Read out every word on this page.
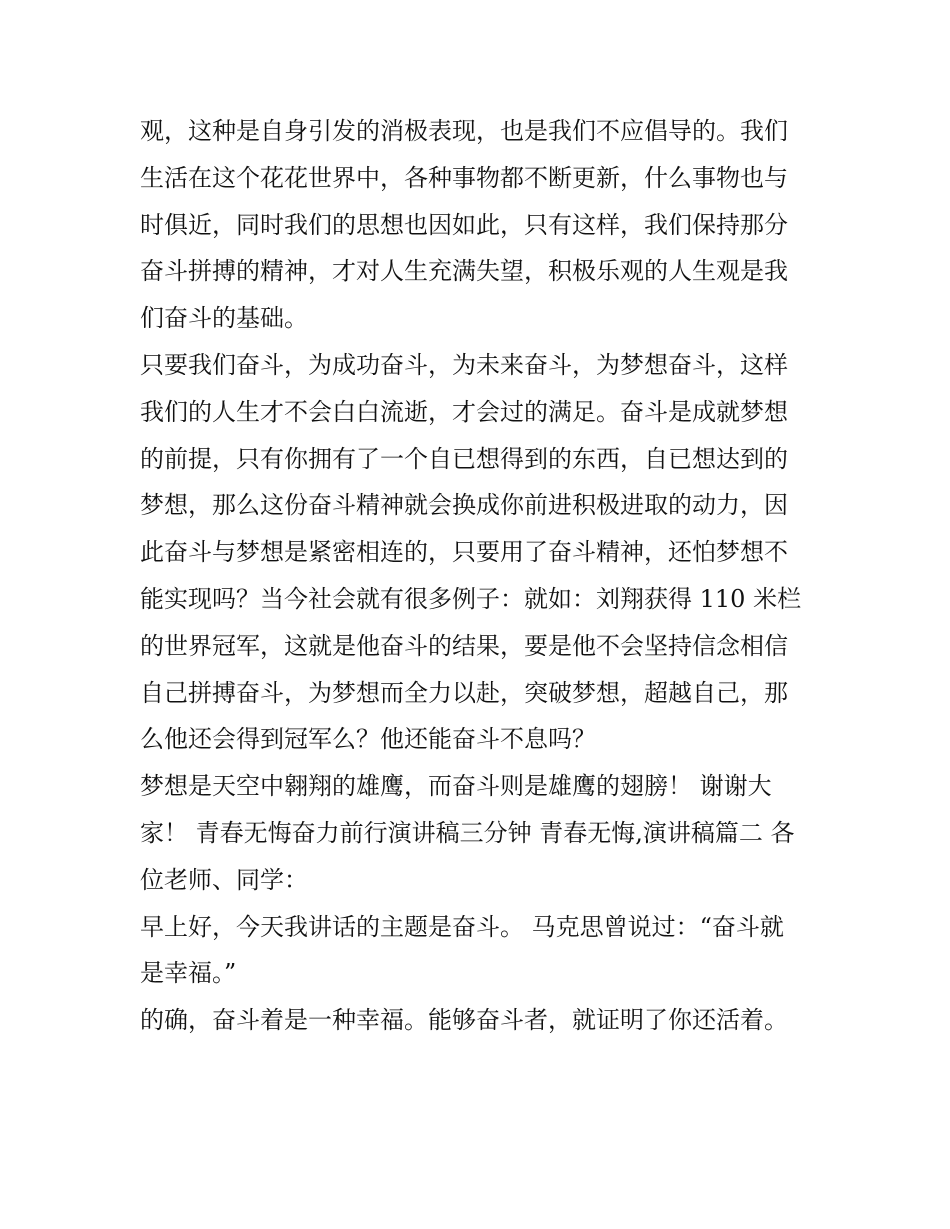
观，这种是自身引发的消极表现，也是我们不应倡导的。我们
生活在这个花花世界中，各种事物都不断更新，什么事物也与
时俱近，同时我们的思想也因如此，只有这样，我们保持那分
奋斗拼搏的精神，才对人生充满失望，积极乐观的人生观是我
们奋斗的基础。
只要我们奋斗，为成功奋斗，为未来奋斗，为梦想奋斗，这样
我们的人生才不会白白流逝，才会过的满足。奋斗是成就梦想
的前提，只有你拥有了一个自已想得到的东西，自已想达到的
梦想，那么这份奋斗精神就会换成你前进积极进取的动力，因
此奋斗与梦想是紧密相连的，只要用了奋斗精神，还怕梦想不
能实现吗？当今社会就有很多例子：就如：刘翔获得 110 米栏
的世界冠军，这就是他奋斗的结果，要是他不会坚持信念相信
自己拼搏奋斗，为梦想而全力以赴，突破梦想，超越自己，那
么他还会得到冠军么？他还能奋斗不息吗？
梦想是天空中翱翔的雄鹰，而奋斗则是雄鹰的翅膀！ 谢谢大
家！ 青春无悔奋力前行演讲稿三分钟 青春无悔,演讲稿篇二 各
位老师、同学：
早上好，今天我讲话的主题是奋斗。 马克思曾说过：“奋斗就
是幸福。”
的确，奋斗着是一种幸福。能够奋斗者，就证明了你还活着。
